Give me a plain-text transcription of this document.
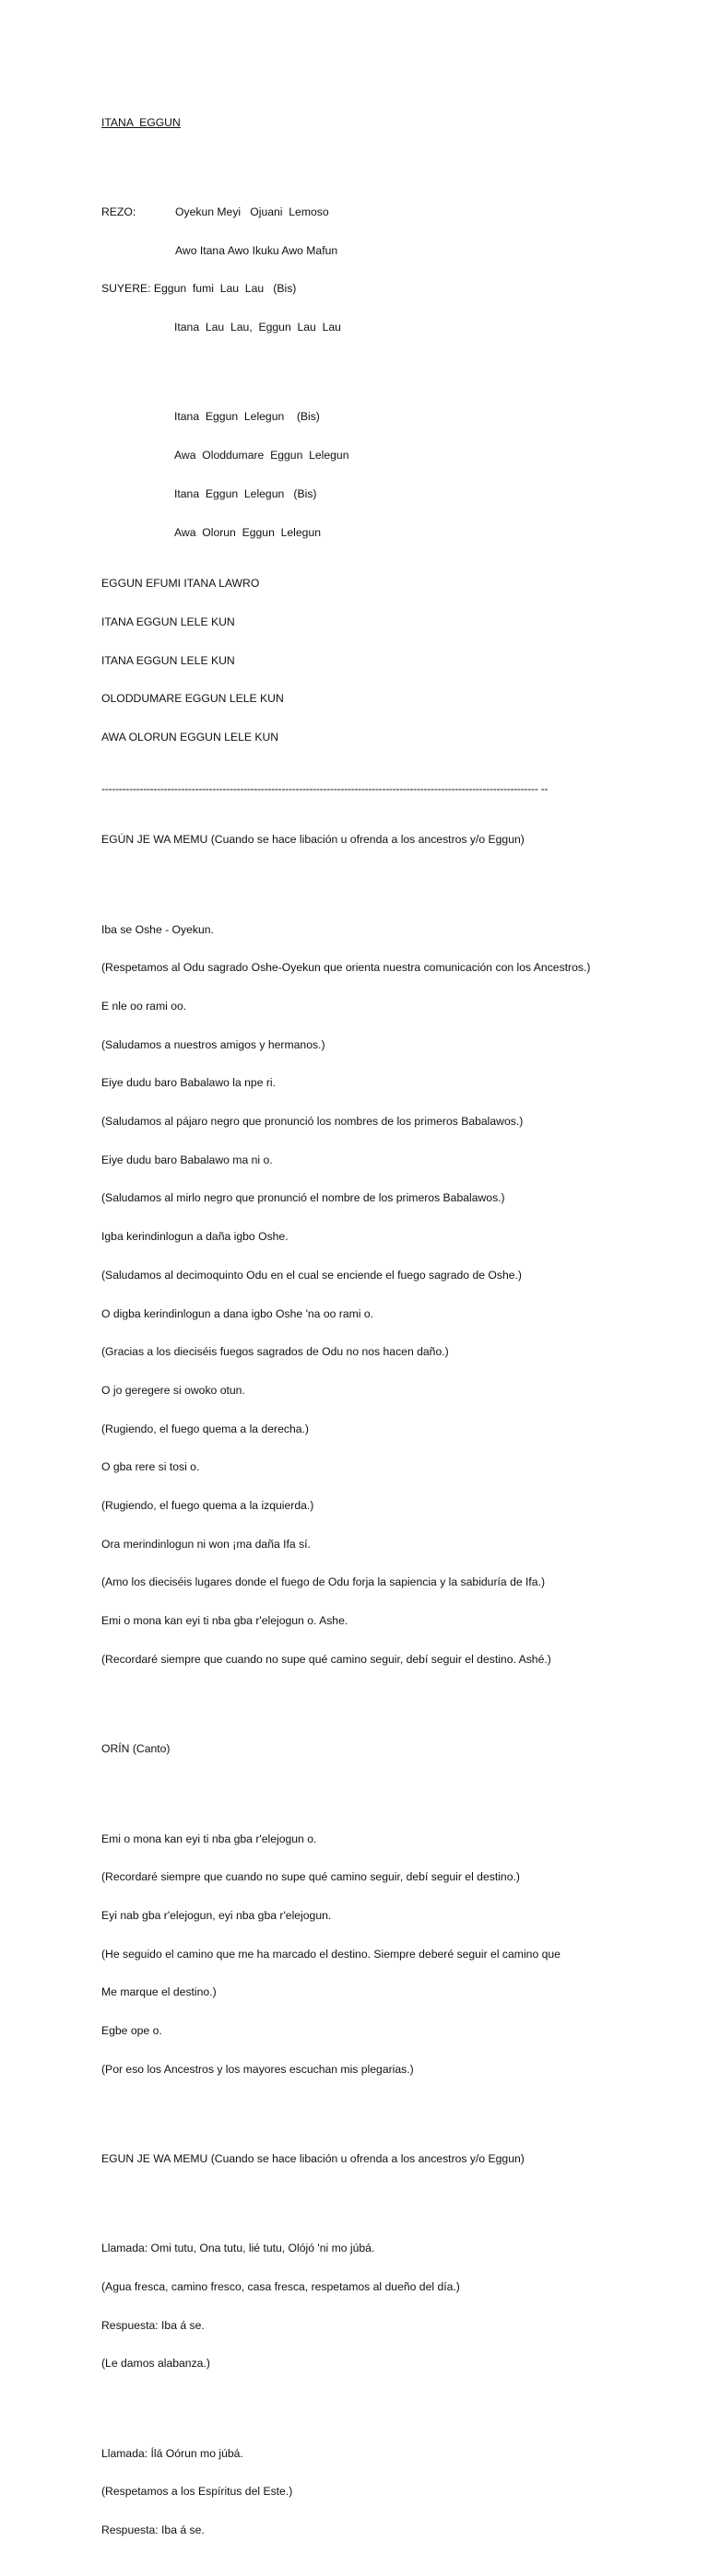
ITANA  EGGUN

REZO:	Oyekun Meyi   Ojuani  Lemoso

Awo Itana Awo Ikuku Awo Mafun

SUYERE: Eggun  fumi  Lau  Lau   (Bis)

Itana  Lau  Lau,  Eggun  Lau  Lau

Itana  Eggun  Lelegun    (Bis)

Awa  Oloddumare  Eggun  Lelegun

Itana  Eggun  Lelegun   (Bis)

Awa  Olorun  Eggun  Lelegun

EGGUN EFUMI ITANA LAWRO

ITANA EGGUN LELE KUN

ITANA EGGUN LELE KUN

OLODDUMARE EGGUN LELE KUN

AWA OLORUN EGGUN LELE KUN

------------------------------------------------------------------------------------------------------------------------------ --

EGÚN JE WA MEMU (Cuando se hace libación u ofrenda a los ancestros y/o Eggun)

Iba se Oshe - Oyekun.

(Respetamos al Odu sagrado Oshe-Oyekun que orienta nuestra comunicación con los Ancestros.)

E nle oo rami oo.

(Saludamos a nuestros amigos y hermanos.)

Eiye dudu baro Babalawo la npe ri.

(Saludamos al pájaro negro que pronunció los nombres de los primeros Babalawos.)

Eiye dudu baro Babalawo ma ni o.

(Saludamos al mirlo negro que pronunció el nombre de los primeros Babalawos.)

Igba kerindinlogun a daña igbo Oshe.

(Saludamos al decimoquinto Odu en el cual se enciende el fuego sagrado de Oshe.)

O digba kerindinlogun a dana igbo Oshe 'na oo rami o.

(Gracias a los dieciséis fuegos sagrados de Odu no nos hacen daño.)

O jo geregere si owoko otun.

(Rugiendo, el fuego quema a la derecha.)

O gba rere si tosi o.

(Rugiendo, el fuego quema a la izquierda.)

Ora merindinlogun ni won ¡ma daña Ifa sí.

(Amo los dieciséis lugares donde el fuego de Odu forja la sapiencia y la sabiduría de Ifa.)

Emi o mona kan eyi ti nba gba r'elejogun o. Ashe.

(Recordaré siempre que cuando no supe qué camino seguir, debí seguir el destino. Ashé.)

ORÍN (Canto)

Emi o mona kan eyi ti nba gba r'elejogun o.

(Recordaré siempre que cuando no supe qué camino seguir, debí seguir el destino.)

Eyi nab gba r'elejogun, eyi nba gba r'elejogun.

(He seguido el camino que me ha marcado el destino. Siempre deberé seguir el camino que

Me marque el destino.)

Egbe ope o.

(Por eso los Ancestros y los mayores escuchan mis plegarias.)

EGUN JE WA MEMU (Cuando se hace libación u ofrenda a los ancestros y/o Eggun)

Llamada: Omi tutu, Ona tutu, lié tutu, Olójó 'ni mo júbá.

(Agua fresca, camino fresco, casa fresca, respetamos al dueño del día.)

Respuesta: Iba á se.

(Le damos alabanza.)

Llamada: Ílá Oórun mo júbá.

(Respetamos a los Espíritus del Este.)

Respuesta: Iba á se.
